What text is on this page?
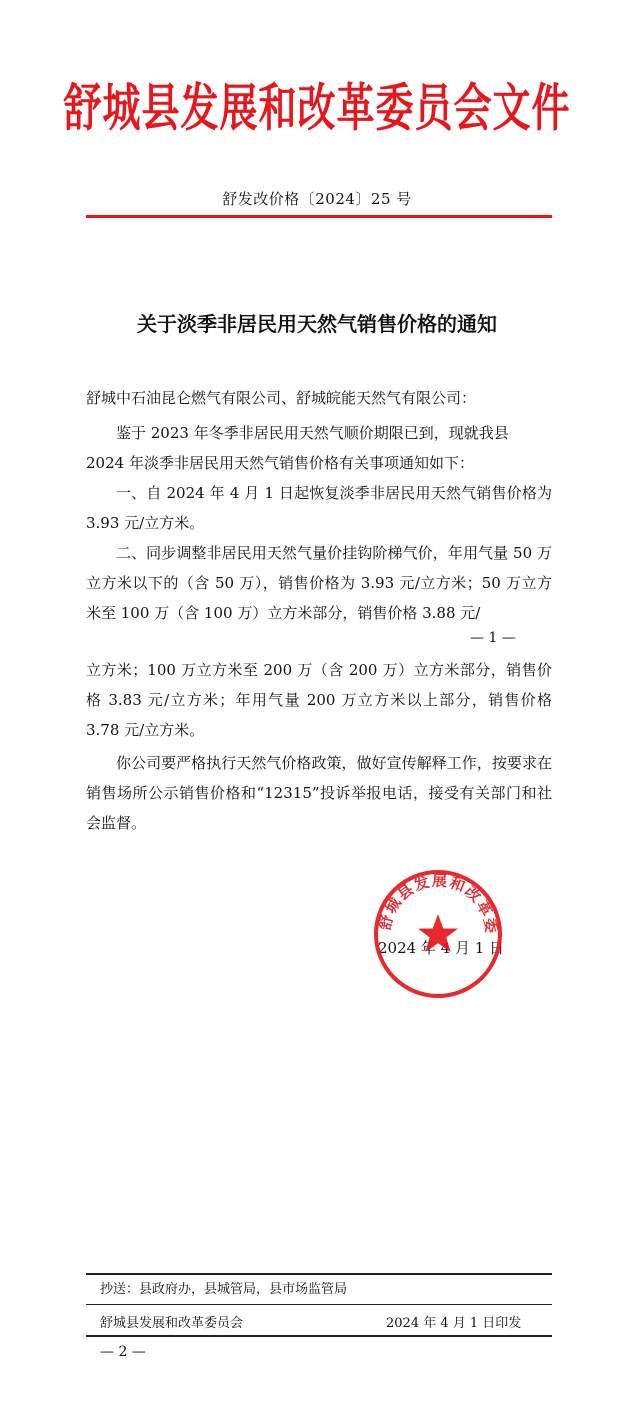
舒城县发展和改革委员会文件
舒发改价格〔2024〕25 号
关于淡季非居民用天然气销售价格的通知
舒城中石油昆仑燃气有限公司、舒城皖能天然气有限公司：
鉴于 2023 年冬季非居民用天然气顺价期限已到，现就我县
2024 年淡季非居民用天然气销售价格有关事项通知如下：
一、自 2024 年 4 月 1 日起恢复淡季非居民用天然气销售价格为 3.93 元/立方米。
二、同步调整非居民用天然气量价挂钩阶梯气价，年用气量 50 万立方米以下的（含 50 万），销售价格为 3.93 元/立方米；50 万立方米至 100 万（含 100 万）立方米部分，销售价格 3.88 元/
— 1 —
立方米；100 万立方米至 200 万（含 200 万）立方米部分，销售价格 3.83 元/立方米；年用气量 200 万立方米以上部分，销售价格 3.78 元/立方米。
你公司要严格执行天然气价格政策，做好宣传解释工作，按要求在销售场所公示销售价格和“12315”投诉举报电话，接受有关部门和社会监督。
2024 年 4 月 1 日
舒城县发展和改革委
抄送：县政府办，县城管局，县市场监管局
舒城县发展和改革委员会	2024 年 4 月 1 日印发
— 2 —
